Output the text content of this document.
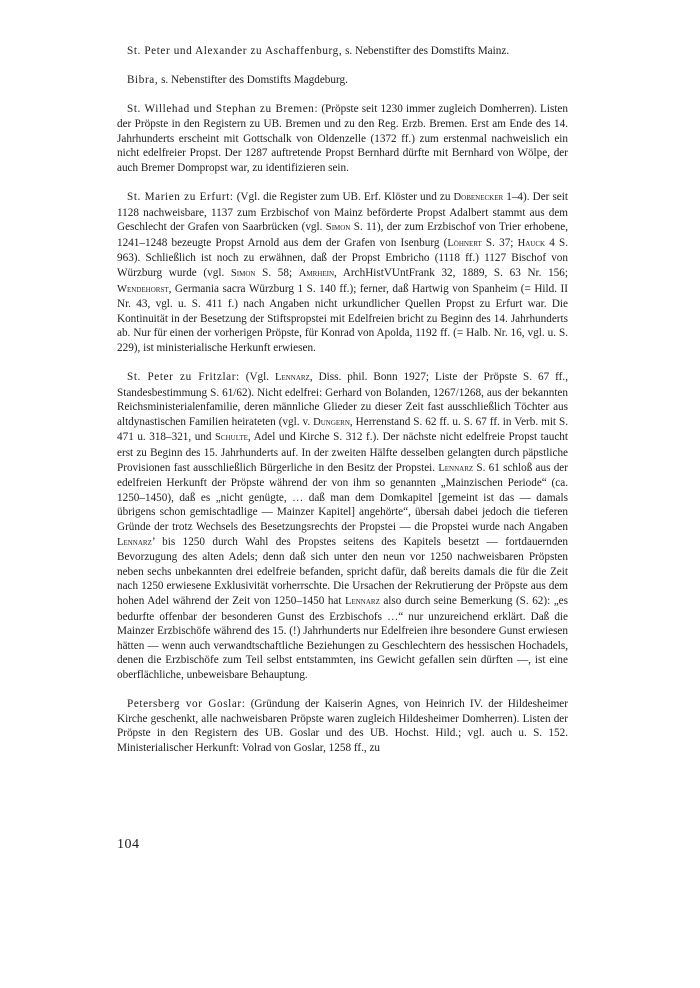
St. Peter und Alexander zu Aschaffenburg, s. Nebenstifter des Domstifts Mainz.

Bibra, s. Nebenstifter des Domstifts Magdeburg.

St. Willehad und Stephan zu Bremen: (Pröpste seit 1230 immer zugleich Domherren). Listen der Pröpste in den Registern zu UB. Bremen und zu den Reg. Erzb. Bremen. Erst am Ende des 14. Jahrhunderts erscheint mit Gottschalk von Oldenzelle (1372 ff.) zum erstenmal nachweislich ein nicht edelfreier Propst. Der 1287 auftretende Propst Bernhard dürfte mit Bernhard von Wölpe, der auch Bremer Dompropst war, zu identifizieren sein.

St. Marien zu Erfurt: (Vgl. die Register zum UB. Erf. Klöster und zu Dobenecker 1–4). Der seit 1128 nachweisbare, 1137 zum Erzbischof von Mainz beförderte Propst Adalbert stammt aus dem Geschlecht der Grafen von Saarbrücken (vgl. Simon S. 11), der zum Erzbischof von Trier erhobene, 1241–1248 bezeugte Propst Arnold aus dem der Grafen von Isenburg (Löhnert S. 37; Hauck 4 S. 963). Schließlich ist noch zu erwähnen, daß der Propst Embricho (1118 ff.) 1127 Bischof von Würzburg wurde (vgl. Simon S. 58; Amrhein, ArchHistVUntFrank 32, 1889, S. 63 Nr. 156; Wendehorst, Germania sacra Würzburg 1 S. 140 ff.); ferner, daß Hartwig von Spanheim (= Hild. II Nr. 43, vgl. u. S. 411 f.) nach Angaben nicht urkundlicher Quellen Propst zu Erfurt war. Die Kontinuität in der Besetzung der Stiftspropstei mit Edelfreien bricht zu Beginn des 14. Jahrhunderts ab. Nur für einen der vorherigen Pröpste, für Konrad von Apolda, 1192 ff. (= Halb. Nr. 16, vgl. u. S. 229), ist ministerialische Herkunft erwiesen.

St. Peter zu Fritzlar: (Vgl. Lennarz, Diss. phil. Bonn 1927; Liste der Pröpste S. 67 ff., Standesbestimmung S. 61/62). Nicht edelfrei: Gerhard von Bolanden, 1267/1268, aus der bekannten Reichsministerialenfamilie, deren männliche Glieder zu dieser Zeit fast ausschließlich Töchter aus altdynastischen Familien heirateten (vgl. v. Dungern, Herrenstand S. 62 ff. u. S. 67 ff. in Verb. mit S. 471 u. 318–321, und Schulte, Adel und Kirche S. 312 f.). Der nächste nicht edelfreie Propst taucht erst zu Beginn des 15. Jahrhunderts auf. In der zweiten Hälfte desselben gelangten durch päpstliche Provisionen fast ausschließlich Bürgerliche in den Besitz der Propstei. Lennarz S. 61 schloß aus der edelfreien Herkunft der Pröpste während der von ihm so genannten „Mainzischen Periode“ (ca. 1250–1450), daß es „nicht genügte, … daß man dem Domkapitel [gemeint ist das — damals übrigens schon gemischtadlige — Mainzer Kapitel] angehörte“, übersah dabei jedoch die tieferen Gründe der trotz Wechsels des Besetzungsrechts der Propstei — die Propstei wurde nach Angaben Lennarz’ bis 1250 durch Wahl des Propstes seitens des Kapitels besetzt — fortdauernden Bevorzugung des alten Adels; denn daß sich unter den neun vor 1250 nachweisbaren Pröpsten neben sechs unbekannten drei edelfreie befanden, spricht dafür, daß bereits damals die für die Zeit nach 1250 erwiesene Exklusivität vorherrschte. Die Ursachen der Rekrutierung der Pröpste aus dem hohen Adel während der Zeit von 1250–1450 hat Lennarz also durch seine Bemerkung (S. 62): „es bedurfte offenbar der besonderen Gunst des Erzbischofs …“ nur unzureichend erklärt. Daß die Mainzer Erzbischöfe während des 15. (!) Jahrhunderts nur Edelfreien ihre besondere Gunst erwiesen hätten — wenn auch verwandtschaftliche Beziehungen zu Geschlechtern des hessischen Hochadels, denen die Erzbischöfe zum Teil selbst entstammten, ins Gewicht gefallen sein dürften —, ist eine oberflächliche, unbeweisbare Behauptung.

Petersberg vor Goslar: (Gründung der Kaiserin Agnes, von Heinrich IV. der Hildesheimer Kirche geschenkt, alle nachweisbaren Pröpste waren zugleich Hildesheimer Domherren). Listen der Pröpste in den Registern des UB. Goslar und des UB. Hochst. Hild.; vgl. auch u. S. 152. Ministerialischer Herkunft: Volrad von Goslar, 1258 ff., zu

104
